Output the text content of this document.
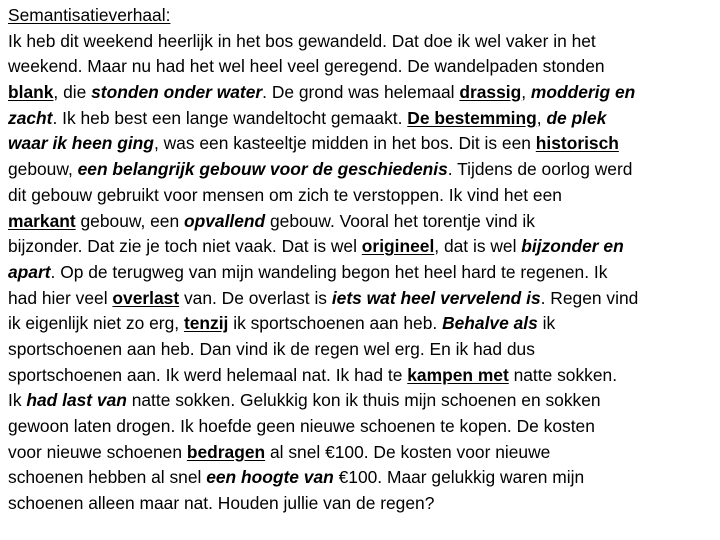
Semantisatieverhaal:
Ik heb dit weekend heerlijk in het bos gewandeld. Dat doe ik wel vaker in het
weekend. Maar nu had het wel heel veel geregend. De wandelpaden stonden
blank, die stonden onder water. De grond was helemaal drassig, modderig en
zacht. Ik heb best een lange wandeltocht gemaakt. De bestemming, de plek
waar ik heen ging, was een kasteeltje midden in het bos. Dit is een historisch
gebouw, een belangrijk gebouw voor de geschiedenis. Tijdens de oorlog werd
dit gebouw gebruikt voor mensen om zich te verstoppen. Ik vind het een
markant gebouw, een opvallend gebouw. Vooral het torentje vind ik
bijzonder. Dat zie je toch niet vaak. Dat is wel origineel, dat is wel bijzonder en
apart. Op de terugweg van mijn wandeling begon het heel hard te regenen. Ik
had hier veel overlast van. De overlast is iets wat heel vervelend is. Regen vind
ik eigenlijk niet zo erg, tenzij ik sportschoenen aan heb. Behalve als ik
sportschoenen aan heb. Dan vind ik de regen wel erg. En ik had dus
sportschoenen aan. Ik werd helemaal nat. Ik had te kampen met natte sokken.
Ik had last van natte sokken. Gelukkig kon ik thuis mijn schoenen en sokken
gewoon laten drogen. Ik hoefde geen nieuwe schoenen te kopen. De kosten
voor nieuwe schoenen bedragen al snel €100. De kosten voor nieuwe
schoenen hebben al snel een hoogte van €100. Maar gelukkig waren mijn
schoenen alleen maar nat. Houden jullie van de regen?
